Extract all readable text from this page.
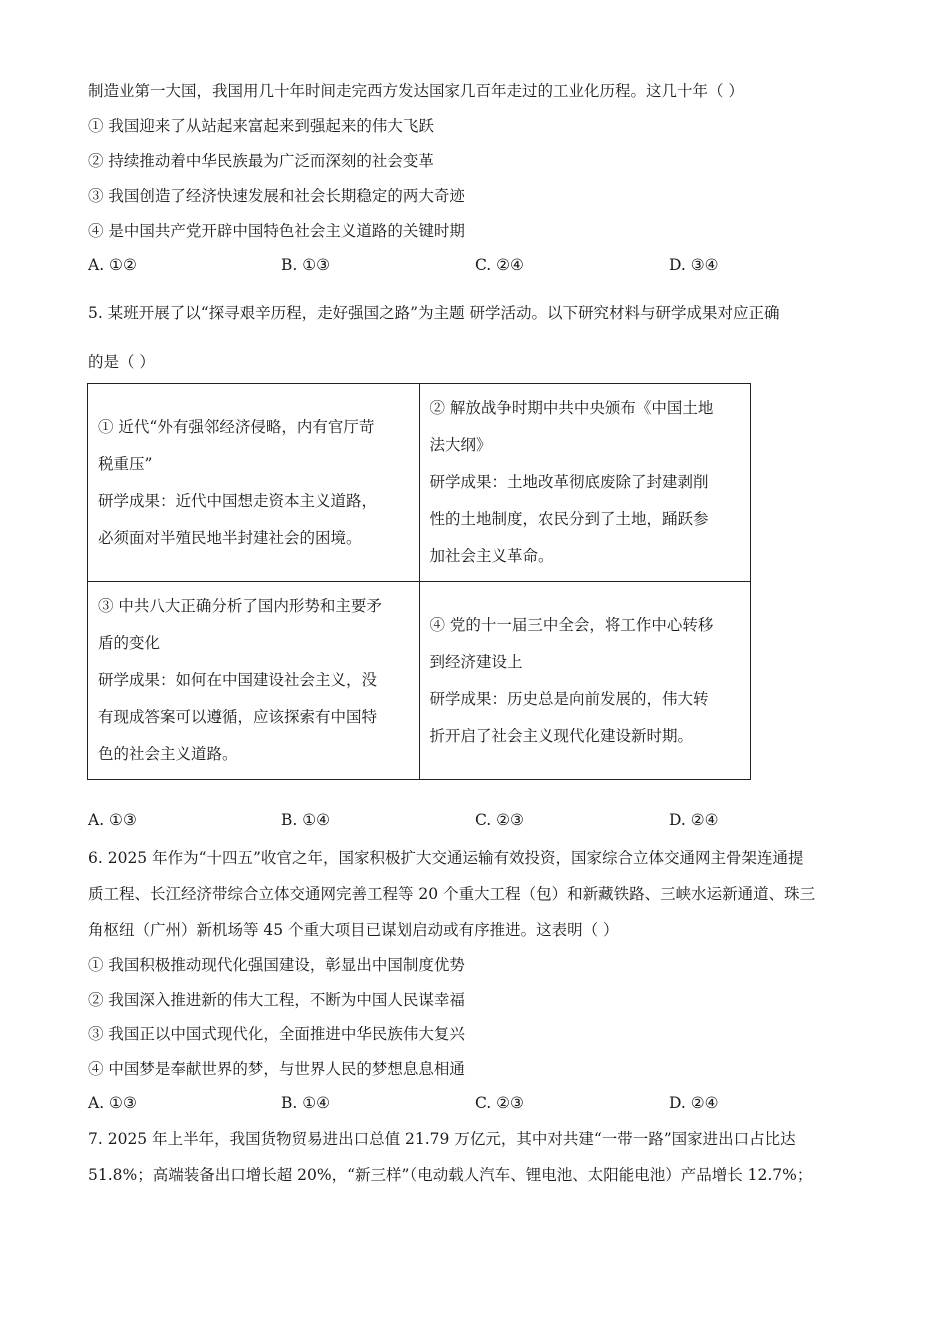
制造业第一大国，我国用几十年时间走完西方发达国家几百年走过的工业化历程。这几十年（ ）
① 我国迎来了从站起来富起来到强起来的伟大飞跃
② 持续推动着中华民族最为广泛而深刻的社会变革
③ 我国创造了经济快速发展和社会长期稳定的两大奇迹
④ 是中国共产党开辟中国特色社会主义道路的关键时期
A. ①②	B. ①③	C. ②④	D. ③④
5. 某班开展了以“探寻艰辛历程，走好强国之路”为主题 研学活动。以下研究材料与研学成果对应正确
的是（ ）
① 近代“外有强邻经济侵略，内有官厅苛
税重压”
研学成果：近代中国想走资本主义道路，
必须面对半殖民地半封建社会的困境。	② 解放战争时期中共中央颁布《中国土地
法大纲》
研学成果：土地改革彻底废除了封建剥削
性的土地制度，农民分到了土地，踊跃参
加社会主义革命。

③ 中共八大正确分析了国内形势和主要矛
盾的变化
研学成果：如何在中国建设社会主义，没
有现成答案可以遵循，应该探索有中国特
色的社会主义道路。	④ 党的十一届三中全会，将工作中心转移
到经济建设上
研学成果：历史总是向前发展的，伟大转
折开启了社会主义现代化建设新时期。
A. ①③	B. ①④	C. ②③	D. ②④
6. 2025 年作为“十四五”收官之年，国家积极扩大交通运输有效投资，国家综合立体交通网主骨架连通提
质工程、长江经济带综合立体交通网完善工程等 20 个重大工程（包）和新藏铁路、三峡水运新通道、珠三
角枢纽（广州）新机场等 45 个重大项目已谋划启动或有序推进。这表明（ ）
① 我国积极推动现代化强国建设，彰显出中国制度优势
② 我国深入推进新的伟大工程，不断为中国人民谋幸福
③ 我国正以中国式现代化，全面推进中华民族伟大复兴
④ 中国梦是奉献世界的梦，与世界人民的梦想息息相通
A. ①③	B. ①④	C. ②③	D. ②④
7. 2025 年上半年，我国货物贸易进出口总值 21.79 万亿元，其中对共建“一带一路”国家进出口占比达
51.8%；高端装备出口增长超 20%，“新三样”（电动载人汽车、锂电池、太阳能电池）产品增长 12.7%；
